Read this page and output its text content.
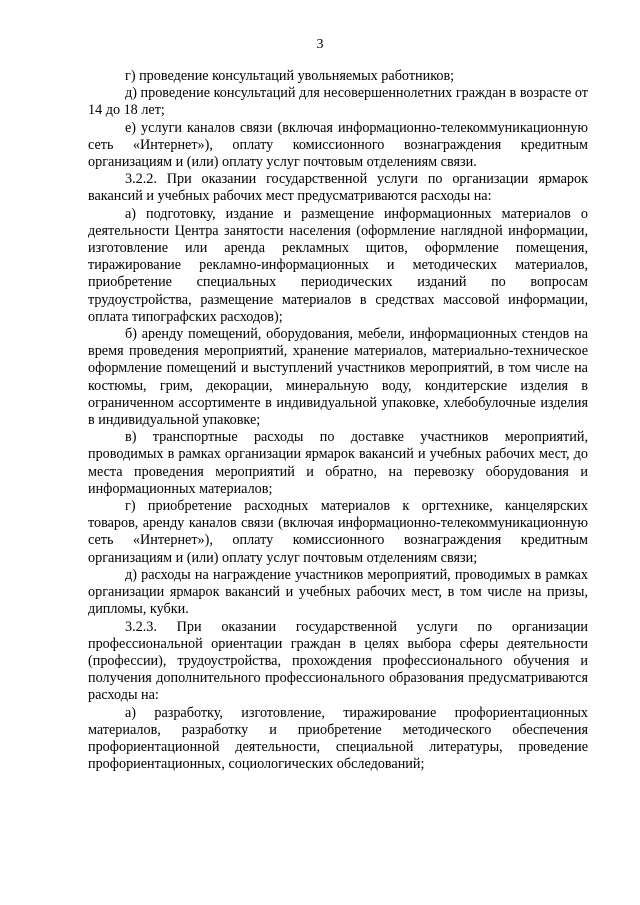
3

г) проведение консультаций увольняемых работников;

д) проведение консультаций для несовершеннолетних граждан в возрасте от 14 до 18 лет;

е) услуги каналов связи (включая информационно-телекоммуникационную сеть «Интернет»), оплату комиссионного вознаграждения кредитным организациям и (или) оплату услуг почтовым отделениям связи.

3.2.2. При оказании государственной услуги по организации ярмарок вакансий и учебных рабочих мест предусматриваются расходы на:

а) подготовку, издание и размещение информационных материалов о деятельности Центра занятости населения (оформление наглядной информации, изготовление или аренда рекламных щитов, оформление помещения, тиражирование рекламно-информационных и методических материалов, приобретение специальных периодических изданий по вопросам трудоустройства, размещение материалов в средствах массовой информации, оплата типографских расходов);

б) аренду помещений, оборудования, мебели, информационных стендов на время проведения мероприятий, хранение материалов, материально-техническое оформление помещений и выступлений участников мероприятий, в том числе на костюмы, грим, декорации, минеральную воду, кондитерские изделия в ограниченном ассортименте в индивидуальной упаковке, хлебобулочные изделия в индивидуальной упаковке;

в) транспортные расходы по доставке участников мероприятий, проводимых в рамках организации ярмарок вакансий и учебных рабочих мест, до места проведения мероприятий и обратно, на перевозку оборудования и информационных материалов;

г) приобретение расходных материалов к оргтехнике, канцелярских товаров, аренду каналов связи (включая информационно-телекоммуникационную сеть «Интернет»), оплату комиссионного вознаграждения кредитным организациям и (или) оплату услуг почтовым отделениям связи;

д) расходы на награждение участников мероприятий, проводимых в рамках организации ярмарок вакансий и учебных рабочих мест, в том числе на призы, дипломы, кубки.

3.2.3. При оказании государственной услуги по организации профессиональной ориентации граждан в целях выбора сферы деятельности (профессии), трудоустройства, прохождения профессионального обучения и получения дополнительного профессионального образования предусматриваются расходы на:

а) разработку, изготовление, тиражирование профориентационных материалов, разработку и приобретение методического обеспечения профориентационной деятельности, специальной литературы, проведение профориентационных, социологических обследований;
